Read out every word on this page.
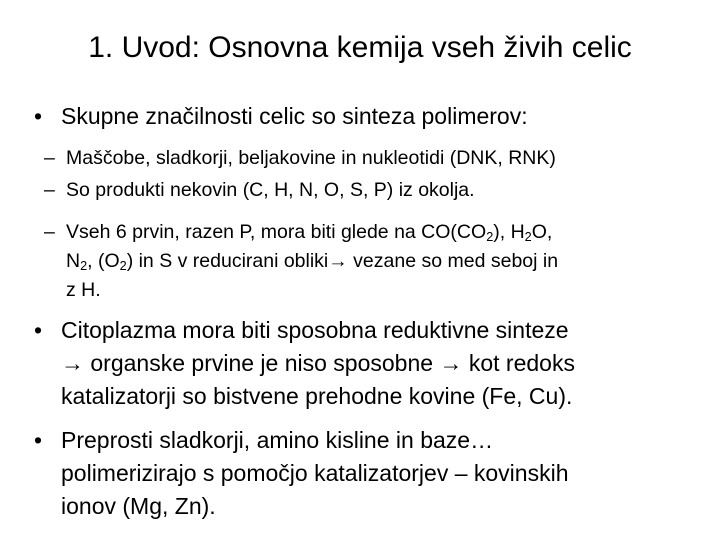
1. Uvod: Osnovna kemija vseh živih celic
• Skupne značilnosti celic so sinteza polimerov:
– Maščobe, sladkorji, beljakovine in nukleotidi (DNK, RNK)
– So produkti nekovin (C, H, N, O, S, P) iz okolja.
– Vseh 6 prvin, razen P, mora biti glede na $CO(CO_2)$, $H_2O$,
$N_2$, $(O_2)$ in S v reducirani obliki→ vezane so med seboj in
z H.
• Citoplazma mora biti sposobna reduktivne sinteze
→ organske prvine je niso sposobne → kot redoks
katalizatorji so bistvene prehodne kovine (Fe, Cu).
• Preprosti sladkorji, amino kisline in baze…
polimerizirajo s pomočjo katalizatorjev – kovinskih
ionov (Mg, Zn).
